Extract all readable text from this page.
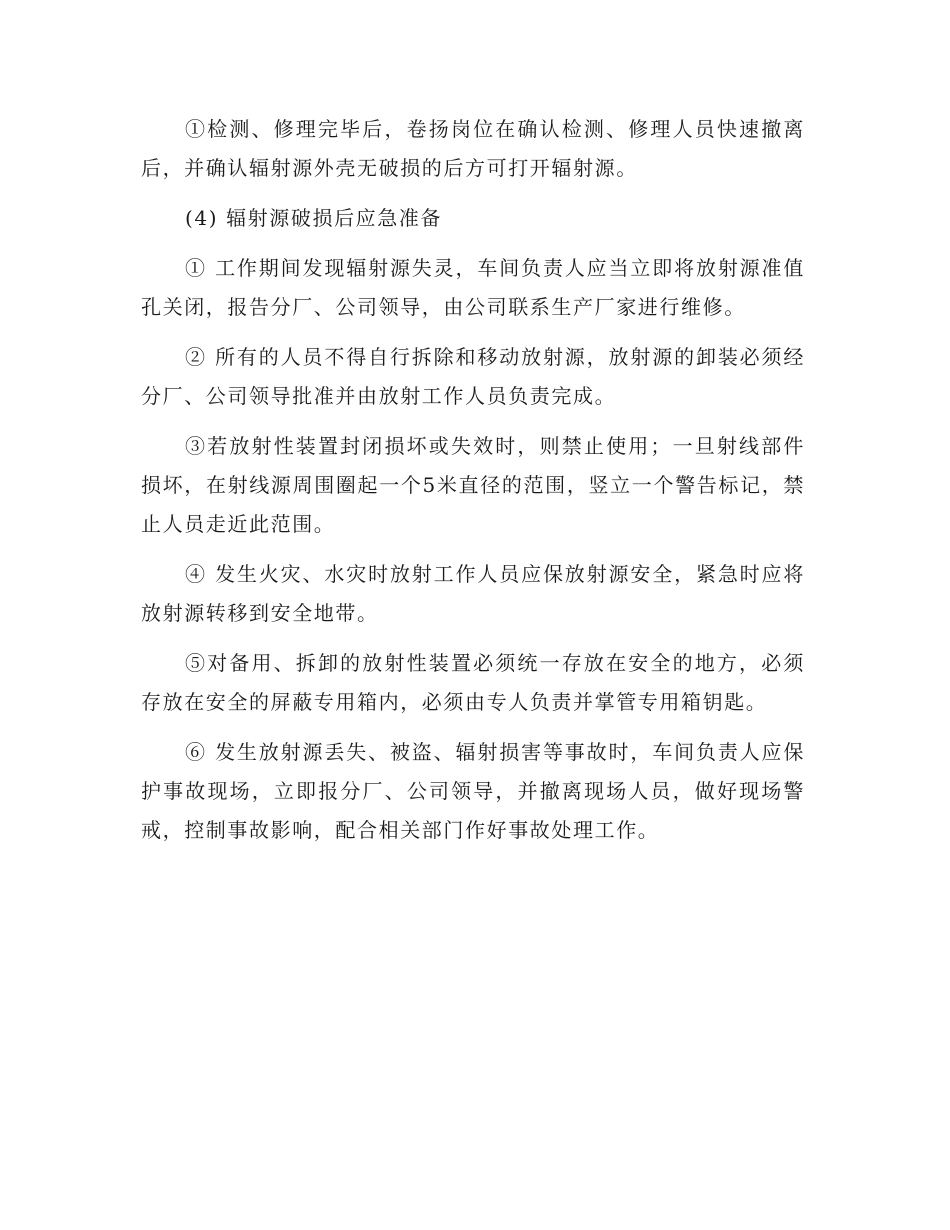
①检测、修理完毕后，卷扬岗位在确认检测、修理人员快速撤离后，并确认辐射源外壳无破损的后方可打开辐射源。

(4) 辐射源破损后应急准备

① 工作期间发现辐射源失灵，车间负责人应当立即将放射源准值孔关闭，报告分厂、公司领导，由公司联系生产厂家进行维修。

② 所有的人员不得自行拆除和移动放射源，放射源的卸装必须经分厂、公司领导批准并由放射工作人员负责完成。

③若放射性装置封闭损坏或失效时，则禁止使用；一旦射线部件损坏，在射线源周围圈起一个5米直径的范围，竖立一个警告标记，禁止人员走近此范围。

④ 发生火灾、水灾时放射工作人员应保放射源安全，紧急时应将放射源转移到安全地带。

⑤对备用、拆卸的放射性装置必须统一存放在安全的地方，必须存放在安全的屏蔽专用箱内，必须由专人负责并掌管专用箱钥匙。

⑥ 发生放射源丢失、被盗、辐射损害等事故时，车间负责人应保护事故现场，立即报分厂、公司领导，并撤离现场人员，做好现场警戒，控制事故影响，配合相关部门作好事故处理工作。
